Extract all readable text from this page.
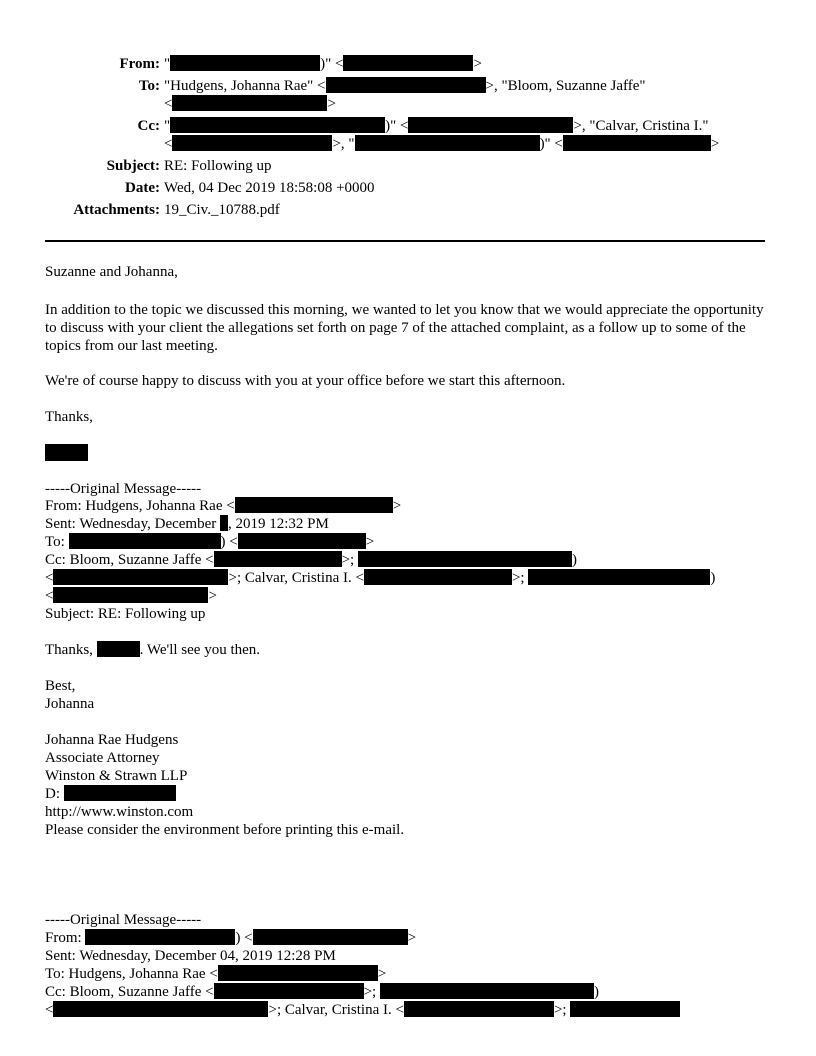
From: "	)" <	>
To: "Hudgens, Johanna Rae" <	>, "Bloom, Suzanne Jaffe"
<	>
Cc: "	)" <	>, "Calvar, Cristina I."
<	>, "	)" <	>
Subject: RE: Following up
Date: Wed, 04 Dec 2019 18:58:08 +0000
Attachments: 19_Civ._10788.pdf
Suzanne and Johanna,
In addition to the topic we discussed this morning, we wanted to let you know that we would appreciate the opportunity to discuss with your client the allegations set forth on page 7 of the attached complaint, as a follow up to some of the topics from our last meeting.
We're of course happy to discuss with you at your office before we start this afternoon.
Thanks,
-----Original Message-----
From: Hudgens, Johanna Rae <	>
Sent: Wednesday, December , 2019 12:32 PM
To:	) <	>
Cc: Bloom, Suzanne Jaffe <	>;	)
<	>; Calvar, Cristina I. <	>;	)
<	>
Subject: RE: Following up
Thanks,	. We'll see you then.
Best,
Johanna
Johanna Rae Hudgens
Associate Attorney
Winston & Strawn LLP
D:
http://www.winston.com
Please consider the environment before printing this e-mail.
-----Original Message-----
From:	) <	>
Sent: Wednesday, December 04, 2019 12:28 PM
To: Hudgens, Johanna Rae <	>
Cc: Bloom, Suzanne Jaffe <	>;	)
<	>; Calvar, Cristina I. <	>;
